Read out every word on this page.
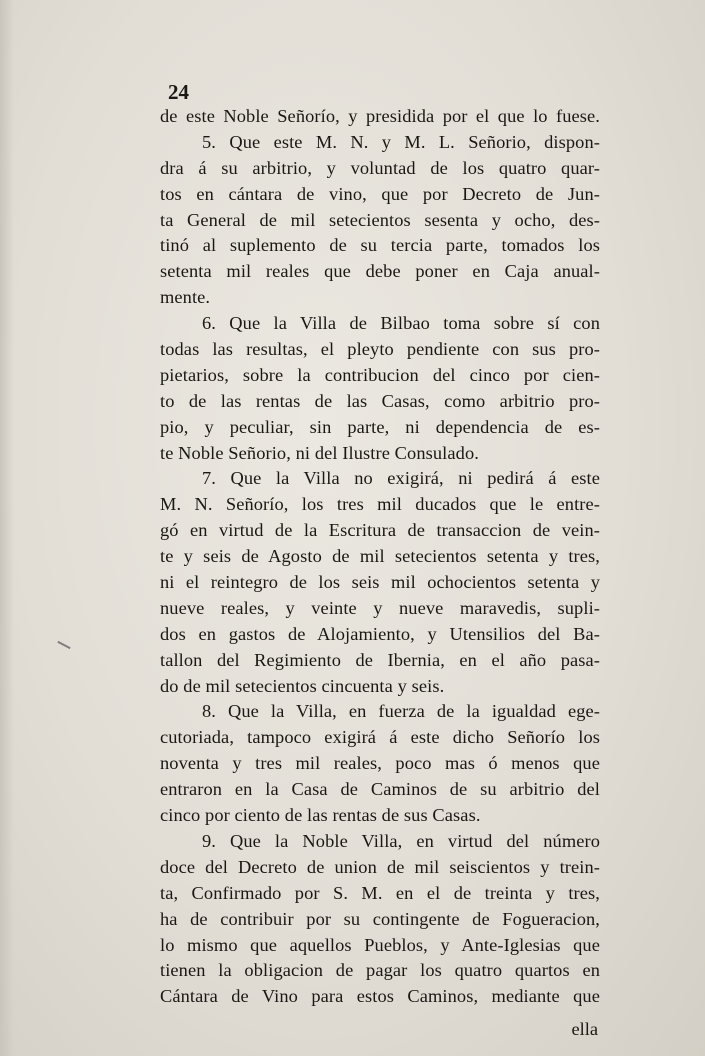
24
de este Noble Señorío, y presidida por el que lo fuese.
5. Que este M. N. y M. L. Señorio, dispon-
dra á su arbitrio, y voluntad de los quatro quar-
tos en cántara de vino, que por Decreto de Jun-
ta General de mil setecientos sesenta y ocho, des-
tinó al suplemento de su tercia parte, tomados los
setenta mil reales que debe poner en Caja anual-
mente.
6. Que la Villa de Bilbao toma sobre sí con
todas las resultas, el pleyto pendiente con sus pro-
pietarios, sobre la contribucion del cinco por cien-
to de las rentas de las Casas, como arbitrio pro-
pio, y peculiar, sin parte, ni dependencia de es-
te Noble Señorio, ni del Ilustre Consulado.
7. Que la Villa no exigirá, ni pedirá á este
M. N. Señorío, los tres mil ducados que le entre-
gó en virtud de la Escritura de transaccion de vein-
te y seis de Agosto de mil setecientos setenta y tres,
ni el reintegro de los seis mil ochocientos setenta y
nueve reales, y veinte y nueve maravedis, supli-
dos en gastos de Alojamiento, y Utensilios del Ba-
tallon del Regimiento de Ibernia, en el año pasa-
do de mil setecientos cincuenta y seis.
8. Que la Villa, en fuerza de la igualdad ege-
cutoriada, tampoco exigirá á este dicho Señorío los
noventa y tres mil reales, poco mas ó menos que
entraron en la Casa de Caminos de su arbitrio del
cinco por ciento de las rentas de sus Casas.
9. Que la Noble Villa, en virtud del número
doce del Decreto de union de mil seiscientos y trein-
ta, Confirmado por S. M. en el de treinta y tres,
ha de contribuir por su contingente de Fogueracion,
lo mismo que aquellos Pueblos, y Ante-Iglesias que
tienen la obligacion de pagar los quatro quartos en
Cántara de Vino para estos Caminos, mediante que
ella
